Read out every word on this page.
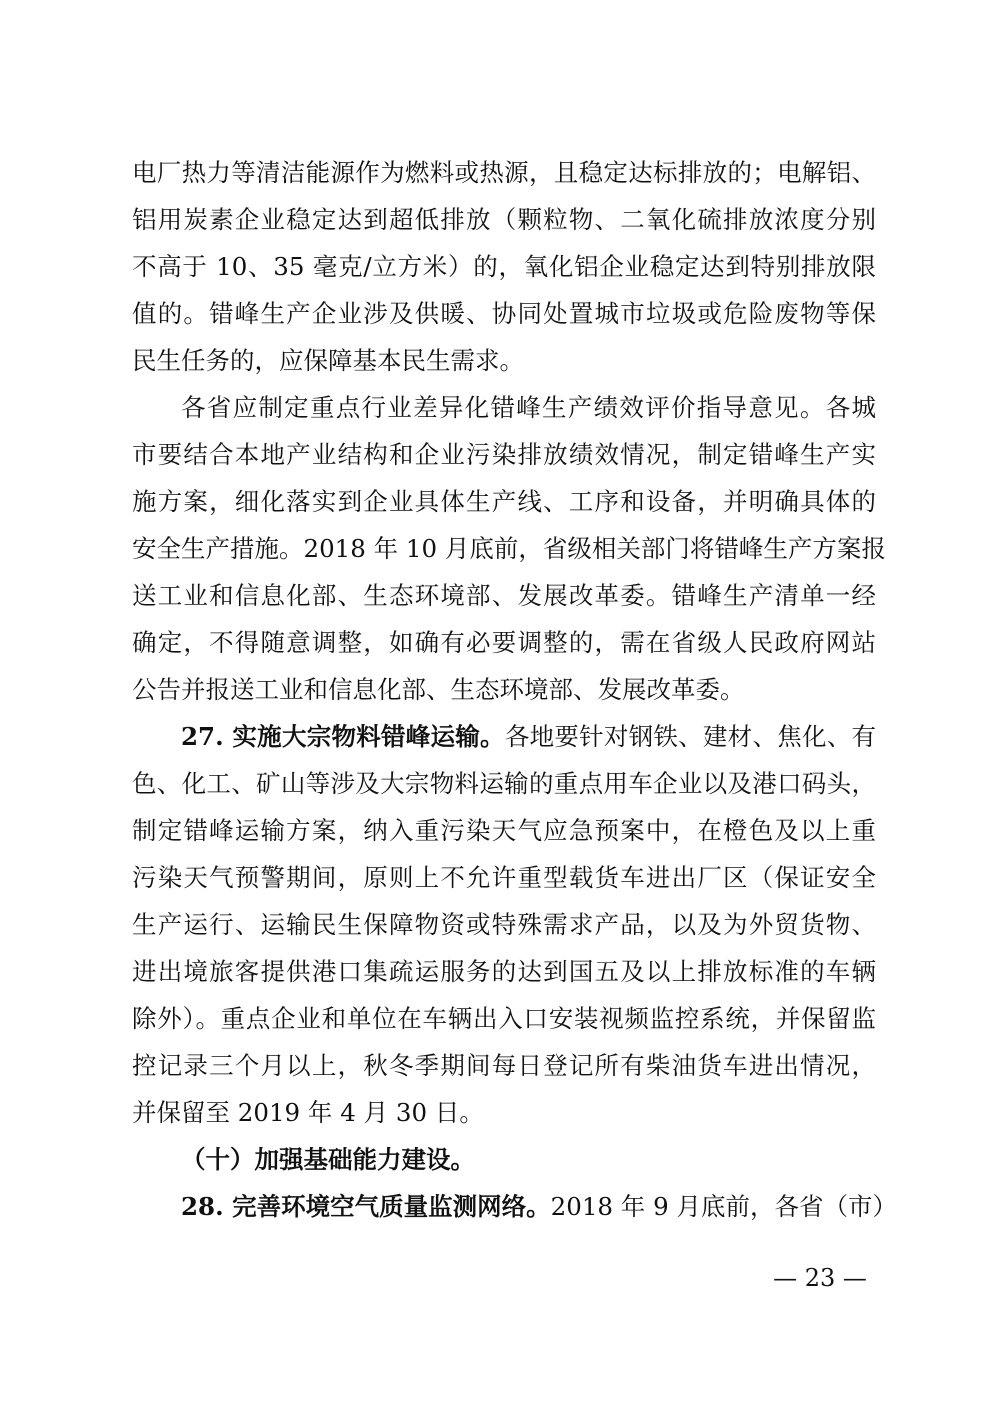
电厂热力等清洁能源作为燃料或热源，且稳定达标排放的；电解铝、
铝用炭素企业稳定达到超低排放（颗粒物、二氧化硫排放浓度分别
不高于 10、35 毫克/立方米）的，氧化铝企业稳定达到特别排放限
值的。错峰生产企业涉及供暖、协同处置城市垃圾或危险废物等保
民生任务的，应保障基本民生需求。
各省应制定重点行业差异化错峰生产绩效评价指导意见。各城
市要结合本地产业结构和企业污染排放绩效情况，制定错峰生产实
施方案，细化落实到企业具体生产线、工序和设备，并明确具体的
安全生产措施。2018 年 10 月底前，省级相关部门将错峰生产方案报
送工业和信息化部、生态环境部、发展改革委。错峰生产清单一经
确定，不得随意调整，如确有必要调整的，需在省级人民政府网站
公告并报送工业和信息化部、生态环境部、发展改革委。
27. 实施大宗物料错峰运输。各地要针对钢铁、建材、焦化、有
色、化工、矿山等涉及大宗物料运输的重点用车企业以及港口码头，
制定错峰运输方案，纳入重污染天气应急预案中，在橙色及以上重
污染天气预警期间，原则上不允许重型载货车进出厂区（保证安全
生产运行、运输民生保障物资或特殊需求产品，以及为外贸货物、
进出境旅客提供港口集疏运服务的达到国五及以上排放标准的车辆
除外）。重点企业和单位在车辆出入口安装视频监控系统，并保留监
控记录三个月以上，秋冬季期间每日登记所有柴油货车进出情况，
并保留至 2019 年 4 月 30 日。
（十）加强基础能力建设。
28. 完善环境空气质量监测网络。2018 年 9 月底前，各省（市）
— 23 —
